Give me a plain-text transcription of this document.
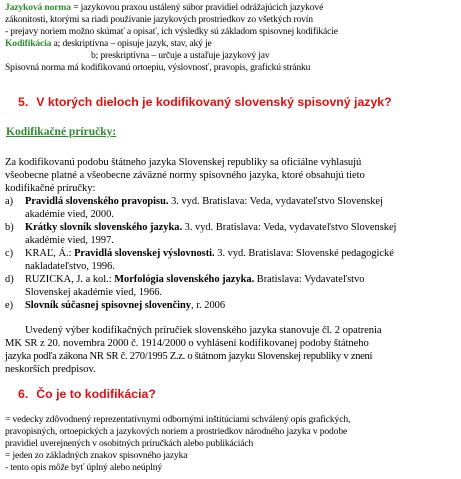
Jazyková norma = jazykovou praxou ustálený súbor pravidiel odrážajúcich jazykové
zákonitosti, ktorými sa riadi používanie jazykových prostriedkov zo všetkých rovín
- prejavy noriem možno skúmať a opisať, ich výsledky sú základom spisovnej kodifikácie
Kodifikácia a; deskriptívna – opisuje jazyk, stav, aký je
b; preskriptívna – určuje a ustaľuje jazykový jav
Spisovná norma má kodifikovanú ortoepiu, výslovnosť, pravopis, grafickú stránku
5. V ktorých dieloch je kodifikovaný slovenský spisovný jazyk?
Kodifikačné príručky:
Za kodifikovanú podobu štátneho jazyka Slovenskej republiky sa oficiálne vyhlasujú
všeobecne platné a všeobecne záväzné normy spisovného jazyka, ktoré obsahujú tieto
kodifikačné príručky:
a) Pravidlá slovenského pravopisu. 3. vyd. Bratislava: Veda, vydavateľstvo Slovenskej
akadémie vied, 2000.
b) Krátky slovník slovenského jazyka. 3. vyd. Bratislava: Veda, vydavateľstvo Slovenskej
akadémie vied, 1997.
c) KRAĽ, Á.: Pravidlá slovenskej výslovnosti. 3. vyd. Bratislava: Slovenské pedagogické
nakladateľstvo, 1996.
d) RUZICKA, J. a kol.: Morfológia slovenského jazyka. Bratislava: Vydavateľstvo
Slovenskej akadémie vied, 1966.
e) Slovník súčasnej spisovnej slovenčiny, r. 2006
Uvedený výber kodifikačných príručiek slovenského jazyka stanovuje čl. 2 opatrenia
MK SR z 20. novembra 2000 č. 1914/2000 o vyhlásení kodifikovanej podoby štátneho
jazyka podľa zákona NR SR č. 270/1995 Z.z. o štátnom jazyku Slovenskej republiky v znení
neskorších predpisov.
6. Čo je to kodifikácia?
= vedecky zdôvodnený reprezentatívnymi odbornými inštitúciami schválený opis grafických,
pravopisných, ortoepických a jazykových noriem a prostriedkov národného jazyka v podobe
pravidiel uverejnených v osobitných príručkách alebo publikáciách
= jeden zo základných znakov spisovného jazyka
- tento opis môže byť úplný alebo neúplný
